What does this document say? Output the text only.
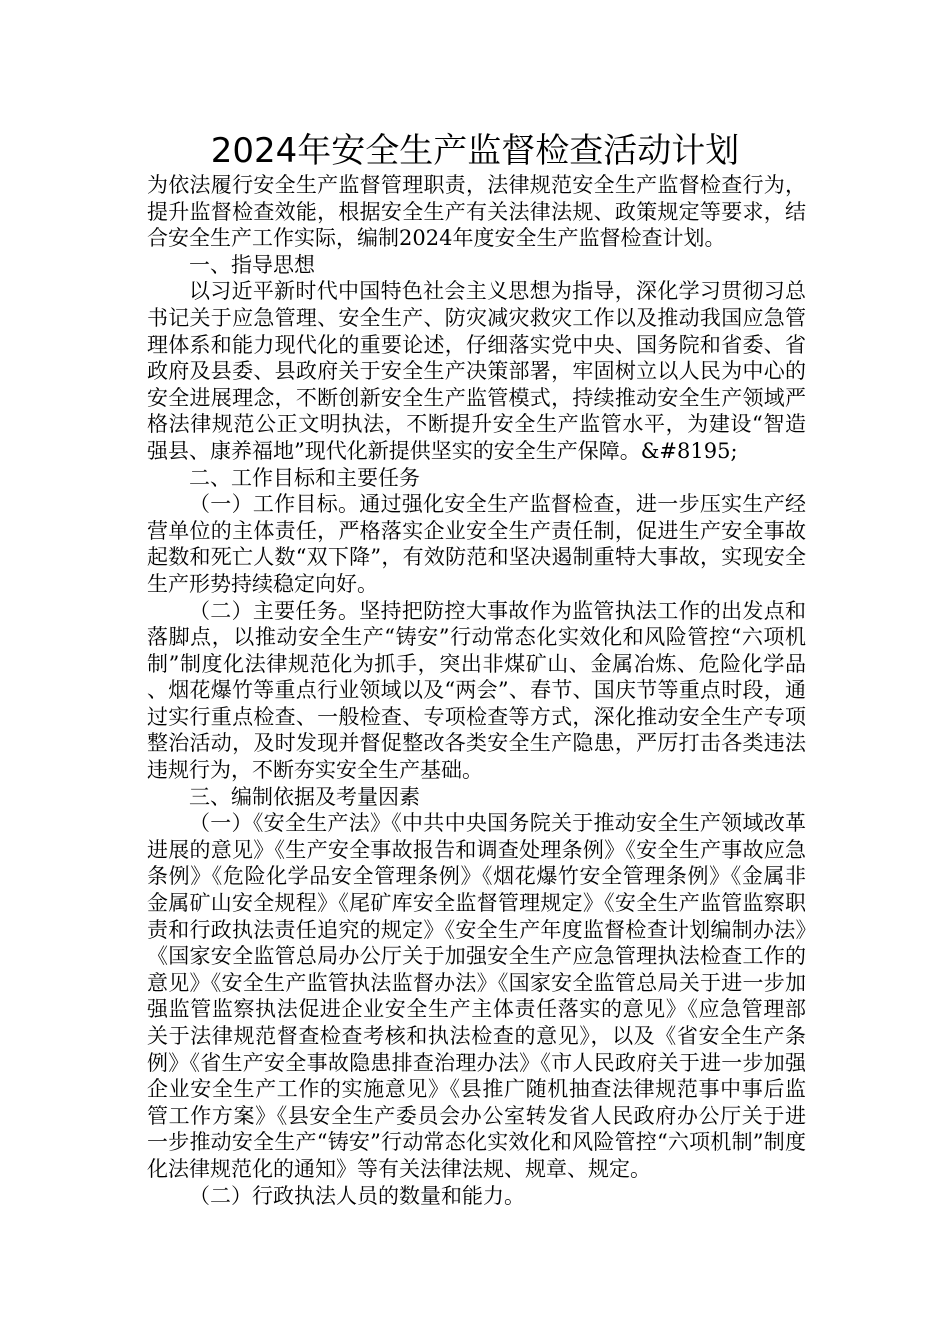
2024年安全生产监督检查活动计划

为依法履行安全生产监督管理职责，法律规范安全生产监督检查行为，提升监督检查效能，根据安全生产有关法律法规、政策规定等要求，结合安全生产工作实际，编制2024年度安全生产监督检查计划。

一、指导思想

以习近平新时代中国特色社会主义思想为指导，深化学习贯彻习总书记关于应急管理、安全生产、防灾减灾救灾工作以及推动我国应急管理体系和能力现代化的重要论述，仔细落实党中央、国务院和省委、省政府及县委、县政府关于安全生产决策部署，牢固树立以人民为中心的安全进展理念，不断创新安全生产监管模式，持续推动安全生产领域严格法律规范公正文明执法，不断提升安全生产监管水平，为建设“智造强县、康养福地”现代化新提供坚实的安全生产保障。&#8195;

二、工作目标和主要任务

（一）工作目标。通过强化安全生产监督检查，进一步压实生产经营单位的主体责任，严格落实企业安全生产责任制，促进生产安全事故起数和死亡人数“双下降”，有效防范和坚决遏制重特大事故，实现安全生产形势持续稳定向好。

（二）主要任务。坚持把防控大事故作为监管执法工作的出发点和落脚点，以推动安全生产“铸安”行动常态化实效化和风险管控“六项机制”制度化法律规范化为抓手，突出非煤矿山、金属冶炼、危险化学品、烟花爆竹等重点行业领域以及“两会”、春节、国庆节等重点时段，通过实行重点检查、一般检查、专项检查等方式，深化推动安全生产专项整治活动，及时发现并督促整改各类安全生产隐患，严厉打击各类违法违规行为，不断夯实安全生产基础。

三、编制依据及考量因素

（一）《安全生产法》《中共中央国务院关于推动安全生产领域改革进展的意见》《生产安全事故报告和调查处理条例》《安全生产事故应急条例》《危险化学品安全管理条例》《烟花爆竹安全管理条例》《金属非金属矿山安全规程》《尾矿库安全监督管理规定》《安全生产监管监察职责和行政执法责任追究的规定》《安全生产年度监督检查计划编制办法》《国家安全监管总局办公厅关于加强安全生产应急管理执法检查工作的意见》《安全生产监管执法监督办法》《国家安全监管总局关于进一步加强监管监察执法促进企业安全生产主体责任落实的意见》《应急管理部关于法律规范督查检查考核和执法检查的意见》，以及《省安全生产条例》《省生产安全事故隐患排查治理办法》《市人民政府关于进一步加强企业安全生产工作的实施意见》《县推广随机抽查法律规范事中事后监管工作方案》《县安全生产委员会办公室转发省人民政府办公厅关于进一步推动安全生产“铸安”行动常态化实效化和风险管控“六项机制”制度化法律规范化的通知》等有关法律法规、规章、规定。

（二）行政执法人员的数量和能力。
